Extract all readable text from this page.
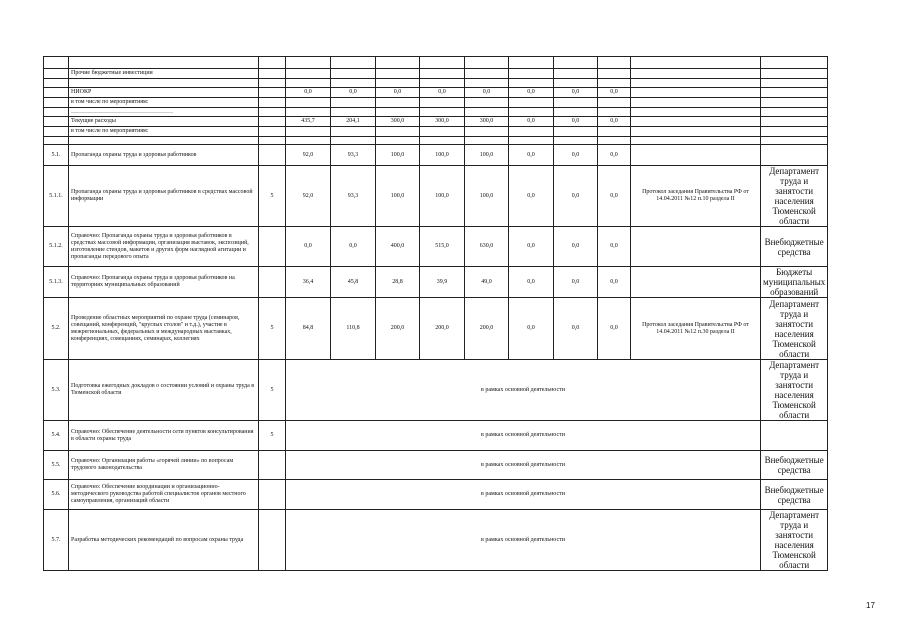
	Прочие бюджетные инвестиции											

	НИОКР		0,0	0,0	0,0	0,0	0,0	0,0	0,0	0,0		
	в том числе по мероприятиям:											
	……………………………………………											
	Текущие расходы		435,7	204,1	300,0	300,0	300,0	0,0	0,0	0,0		
	в том числе по мероприятиям:											

5.1.	Пропаганда охраны труда и здоровья работников		92,0	93,3	100,0	100,0	100,0	0,0	0,0	0,0		
5.1.1.	Пропаганда охраны труда и здоровья работников в средствах массовой информации	5	92,0	93,3	100,0	100,0	100,0	0,0	0,0	0,0	Протокол заседания Правительства РФ от 14.04.2011 №12 п.10 раздела II	Департамент труда и занятости населения Тюменской области
5.1.2.	Справочно: Пропаганда охраны труда и здоровья работников в средствах массовой информации, организация выставок, экспозиций, изготовление стендов, макетов и других форм наглядной агитации и пропаганды передового опыта		0,0	0,0	400,0	515,0	630,0	0,0	0,0	0,0		Внебюджетные средства
5.1.3.	Справочно: Пропаганда охраны труда и здоровья работников на территориях муниципальных образований		36,4	45,8	28,8	39,9	49,0	0,0	0,0	0,0		Бюджеты муниципальных образований
5.2.	Проведение областных мероприятий по охране труда (семинаров, совещаний, конференций, "круглых столов" и т.д.), участие в межрегиональных, федеральных и международных выставках, конференциях, совещаниях, семинарах, коллегиях	5	84,8	110,8	200,0	200,0	200,0	0,0	0,0	0,0	Протокол заседания Правительства РФ от 14.04.2011 №12 п.30 раздела II	Департамент труда и занятости населения Тюменской области
5.3.	Подготовка ежегодных докладов о состоянии условий и охраны труда в Тюменской области	5	в рамках основной деятельности									Департамент труда и занятости населения Тюменской области
5.4.	Справочно: Обеспечение деятельности сети пунктов консультирования в области охраны труда	5	в рамках основной деятельности									
5.5.	Справочно: Организация работы «горячей линии» по вопросам трудового законодательства		в рамках основной деятельности									Внебюджетные средства
5.6.	Справочно: Обеспечение координации и организационно-методического руководства работой специалистов органов местного самоуправления, организаций области		в рамках основной деятельности									Внебюджетные средства
5.7.	Разработка методических рекомендаций по вопросам охраны труда		в рамках основной деятельности									Департамент труда и занятости населения Тюменской области
17
